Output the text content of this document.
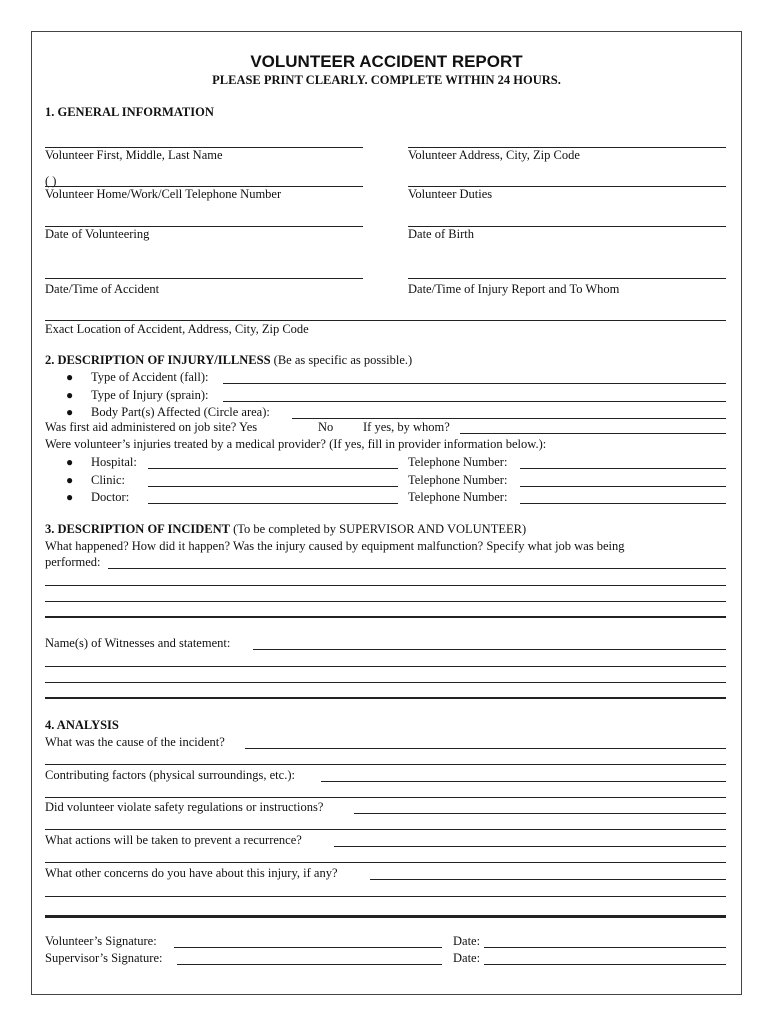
VOLUNTEER ACCIDENT REPORT
PLEASE PRINT CLEARLY. COMPLETE WITHIN 24 HOURS.
1. GENERAL INFORMATION
Volunteer First, Middle, Last Name	Volunteer Address, City, Zip Code
( )
Volunteer Home/Work/Cell Telephone Number	Volunteer Duties
Date of Volunteering	Date of Birth
Date/Time of Accident	Date/Time of Injury Report and To Whom
Exact Location of Accident, Address, City, Zip Code
2. DESCRIPTION OF INJURY/ILLNESS (Be as specific as possible.)
● Type of Accident (fall):
● Type of Injury (sprain):
● Body Part(s) Affected (Circle area):
Was first aid administered on job site? Yes	No If yes, by whom?
Were volunteer’s injuries treated by a medical provider? (If yes, fill in provider information below.):
● Hospital:	Telephone Number:
● Clinic:	Telephone Number:
● Doctor:	Telephone Number:
3. DESCRIPTION OF INCIDENT (To be completed by SUPERVISOR AND VOLUNTEER)
What happened? How did it happen? Was the injury caused by equipment malfunction? Specify what job was being
performed:
Name(s) of Witnesses and statement:
4. ANALYSIS
What was the cause of the incident?
Contributing factors (physical surroundings, etc.):
Did volunteer violate safety regulations or instructions?
What actions will be taken to prevent a recurrence?
What other concerns do you have about this injury, if any?
Volunteer’s Signature:	Date:
Supervisor’s Signature:	Date:
